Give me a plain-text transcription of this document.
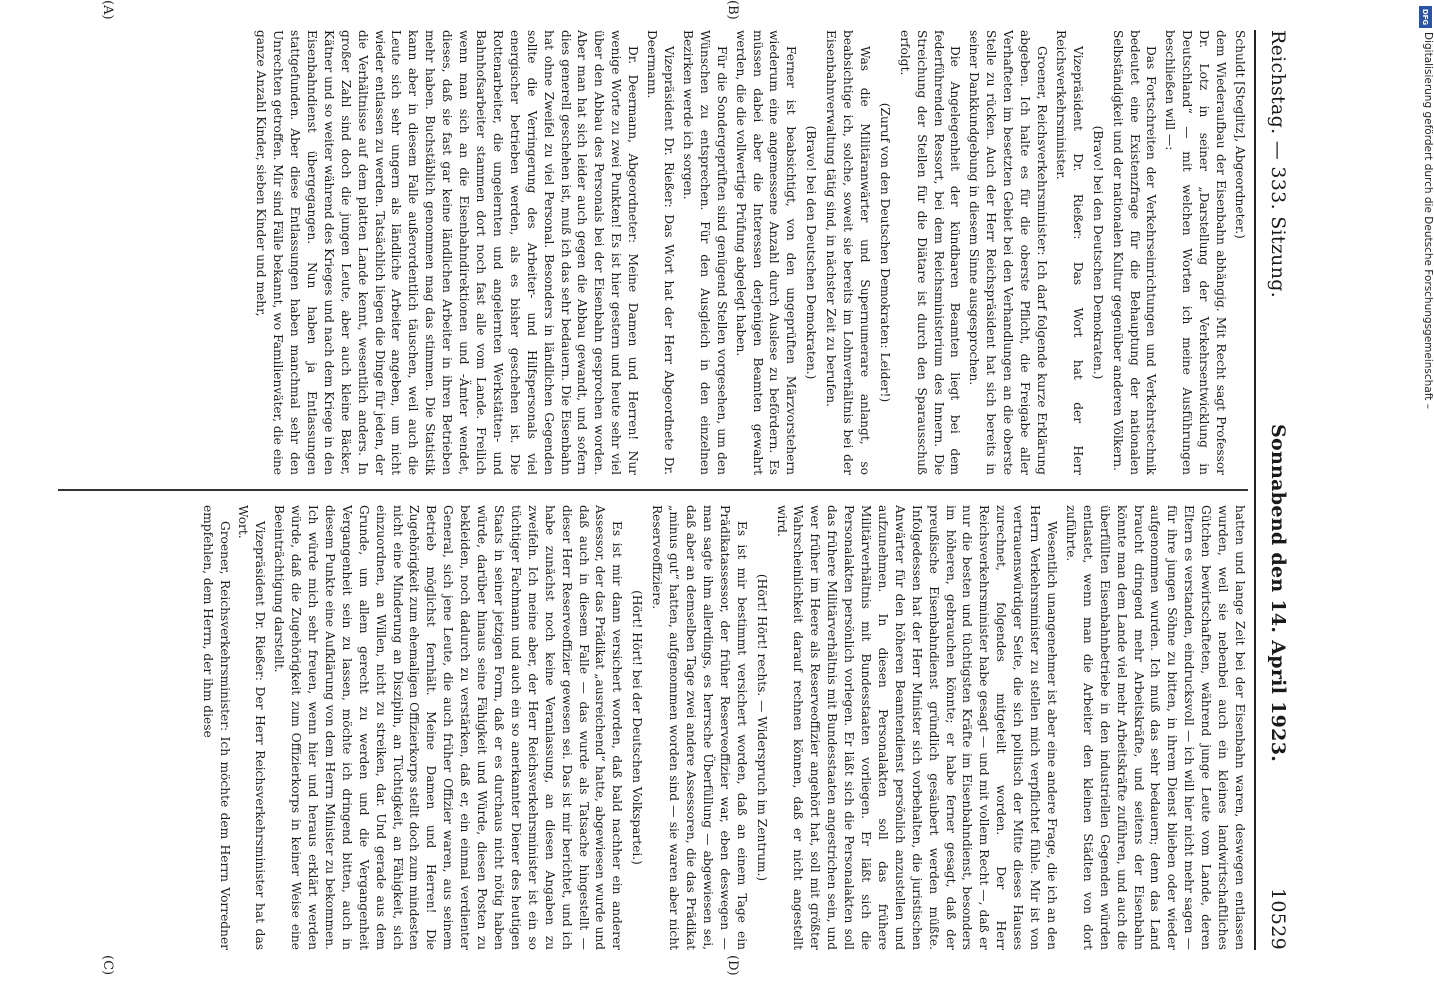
Reichstag. — 333. Sitzung.
Sonnabend den 14. April 1923.
10529

Schuldt [Steglitz], Abgeordneter.)

dem Wiederaufbau der Eisenbahn abhängig. Mit Recht sagt Professor Dr. Lotz in seiner „Darstellung der Verkehrsentwicklung in Deutschland“ — mit welchen Worten ich meine Ausführungen beschließen will —:

Das Fortschreiten der Verkehrseinrichtungen und Verkehrstechnik bedeutet eine Existenzfrage für die Behauptung der nationalen Selbständigkeit und der nationalen Kultur gegenüber anderen Völkern.

(Bravo! bei den Deutschen Demokraten.)

Vizepräsident Dr. Rießer: Das Wort hat der Herr Reichsverkehrsminister.

Groener, Reichsverkehrsminister: Ich darf folgende kurze Erklärung abgeben. Ich halte es für die oberste Pflicht, die Freigabe aller Verhafteten im besetzten Gebiet bei den Verhandlungen an die oberste Stelle zu rücken. Auch der Herr Reichspräsident hat sich bereits in seiner Dankkundgebung in diesem Sinne ausgesprochen.

Die Angelegenheit der kündbaren Beamten liegt bei dem federführenden Ressort, bei dem Reichsministerium des Innern. Die Streichung der Stellen für die Diätare ist durch den Sparausschuß erfolgt.

(Zuruf von den Deutschen Demokraten: Leider!)

Was die Militäranwärter und Supernumerare anlangt, so beabsichtige ich, solche, soweit sie bereits im Lohnverhältnis bei der Eisenbahnverwaltung tätig sind, in nächster Zeit zu berufen.

(Bravo! bei den Deutschen Demokraten.)

Ferner ist beabsichtigt, von den ungeprüften Märzvorstehern wiederum eine angemessene Anzahl durch Auslese zu befördern. Es müssen dabei aber die Interessen derjenigen Beamten gewahrt werden, die die vollwertige Prüfung abgelegt haben.

Für die Sondergeprüften sind genügend Stellen vorgesehen, um den Wünschen zu entsprechen. Für den Ausgleich in den einzelnen Bezirken werde ich sorgen.

Vizepräsident Dr. Rießer: Das Wort hat der Herr Abgeordnete Dr. Deermann.

Dr. Deermann, Abgeordneter: Meine Damen und Herren! Nur wenige Worte zu zwei Punkten! Es ist hier gestern und heute sehr viel über den Abbau des Personals bei der Eisenbahn gesprochen worden. Aber man hat sich leider auch gegen die Abbau gewandt, und sofern dies generell geschehen ist, muß ich das sehr bedauern. Die Eisenbahn hat ohne Zweifel zu viel Personal. Besonders in ländlichen Gegenden sollte die Verringerung des Arbeiter- und Hilfspersonals viel energischer betrieben werden, als es bisher geschehen ist. Die Rottenarbeiter, die ungelernten und angelernten Werkstätten- und Bahnhofsarbeiter stammen dort noch fast alle vom Lande. Freilich wenn man sich an die Eisenbahndirektionen und -Ämter wendet, dieses, daß sie fast gar keine ländlichen Arbeiter in ihren Betrieben mehr haben. Buchstäblich genommen mag das stimmen. Die Statistik kann aber in diesem Falle außerordentlich täuschen, weil auch die Leute sich sehr ungern als ländliche Arbeiter angeben, um nicht wieder entlassen zu werden. Tatsächlich liegen die Dinge für jeden, der die Verhältnisse auf dem platten Lande kennt, wesentlich anders. In großer Zahl sind doch die jungen Leute, aber auch kleine Bäcker, Kätner und so weiter während des Krieges und nach dem Kriege in den Eisenbahndienst übergegangen. Nun haben ja Entlassungen stattgefunden. Aber diese Entlassungen haben manchmal sehr den Unrechten getroffen. Mir sind Fälle bekannt, wo Familienväter, die eine ganze Anzahl Kinder, sieben Kinder und mehr,

hatten und lange Zeit bei der Eisenbahn waren, deswegen entlassen wurden, weil sie nebenbei auch ein kleines landwirtschaftliches Gütchen bewirtschafteten, während junge Leute vom Lande, deren Eltern es verstanden, eindrucksvoll — ich will hier nicht mehr sagen — für ihre jungen Söhne zu bitten, in ihrem Dienst blieben oder wieder aufgenommen wurden. Ich muß das sehr bedauern; denn das Land braucht dringend mehr Arbeitskräfte, und seitens der Eisenbahn könnte man dem Lande viel mehr Arbeitskräfte zuführen, und auch die überfüllten Eisenbahnbetriebe in den industriellen Gegenden würden entlastet, wenn man die Arbeiter den kleinen Städten von dort zuführte.

Wesentlich unangenehmer ist aber eine andere Frage, die ich an den Herrn Verkehrsminister zu stellen mich verpflichtet fühle. Mir ist von vertrauenswürdiger Seite, die sich politisch der Mitte dieses Hauses zurechnet, folgendes mitgeteilt worden. Der Herr Reichsverkehrsminister habe gesagt — und mit vollem Recht —, daß er nur die besten und tüchtigsten Kräfte im Eisenbahndienst, besonders im höheren, gebrauchen könnte; er habe ferner gesagt, daß der preußische Eisenbahndienst gründlich gesäubert werden müßte. Infolgedessen hat der Herr Minister sich vorbehalten, die juristischen Anwärter für den höheren Beamtendienst persönlich anzustellen und aufzunehmen. In diesen Personalakten soll das frühere Militärverhältnis mit Bundesstaaten vorliegen. Er läßt sich die Personalakten persönlich vorlegen. Er läßt sich die Personalakten soll das frühere Militärverhältnis mit Bundesstaaten angestrichen sein, und wer früher im Heere als Reserveoffizier angehört hat, soll mit größter Wahrscheinlichkeit darauf rechnen können, daß er nicht angestellt wird.

(Hört! Hört! rechts. — Widerspruch im Zentrum.)

Es ist mir bestimmt versichert worden, daß an einem Tage ein Prädikatassessor, der früher Reserveoffizier war, eben deswegen — man sagte ihm allerdings, es herrsche Überfüllung — abgewiesen sei, daß aber an demselben Tage zwei andere Assessoren, die das Prädikat „minus gut“ hatten, aufgenommen worden sind — sie waren aber nicht Reserveoffiziere.

(Hört! Hört! bei der Deutschen Volkspartei.)

Es ist mir dann versichert worden, daß bald nachher ein anderer Assessor, der das Prädikat „ausreichend“ hatte, abgewiesen wurde und daß auch in diesem Falle — das wurde als Tatsache hingestellt — dieser Herr Reserveoffizier gewesen sei. Das ist mir berichtet, und ich habe zunächst noch keine Veranlassung, an diesen Angaben zu zweifeln. Ich meine aber, der Herr Reichsverkehrsminister ist ein so tüchtiger Fachmann und auch ein so anerkannter Diener des heutigen Staats in seiner jetzigen Form, daß er es durchaus nicht nötig haben würde, darüber hinaus seine Fähigkeit und Würde, diesen Posten zu bekleiden, noch dadurch zu verstärken, daß er, ein einmal verdienter General, sich jene Leute, die auch früher Offizier waren, aus seinem Betrieb möglichst fernhält. Meine Damen und Herren! Die Zugehörigkeit zum ehemaligen Offizierkorps stellt doch zum mindesten nicht eine Minderung an Disziplin, an Tüchtigkeit, an Fähigkeit, sich einzuordnen, an Willen, nicht zu streiken, dar. Und gerade aus dem Grunde, um allem gerecht zu werden und die Vergangenheit Vergangenheit sein zu lassen, möchte ich dringend bitten, auch in diesem Punkte eine Aufklärung von dem Herrn Minister zu bekommen. Ich würde mich sehr freuen, wenn hier und heraus erklärt werden würde, daß die Zugehörigkeit zum Offizierkorps in keiner Weise eine Beeinträchtigung darstellt.

Vizepräsident Dr. Rießer: Der Herr Reichsverkehrsminister hat das Wort.

Groener, Reichsverkehrsminister: Ich möchte dem Herrn Vorredner empfehlen, dem Herrn, der ihm diese

(A)	(B)
(C)	(D)
DFG
Digitalisierung gefördert durch die Deutsche Forschungsgemeinschaft –
